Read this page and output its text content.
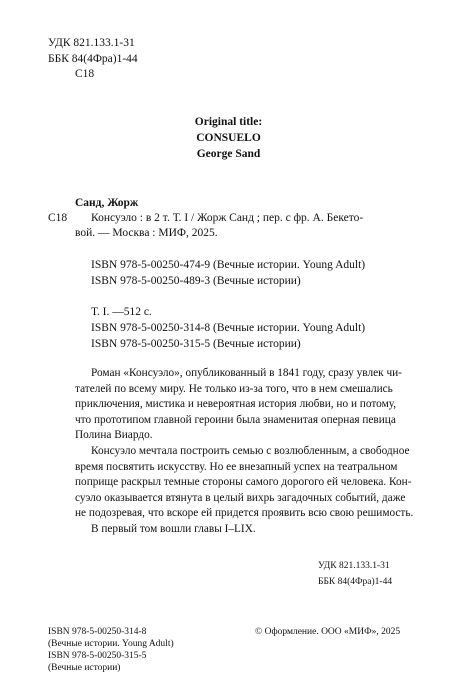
УДК 821.133.1-31
ББК 84(4Фра)1-44
С18
Original title:
CONSUELO
George Sand
Санд, Жорж
С18 Консуэло : в 2 т. Т. I / Жорж Санд ; пер. с фр. А. Бекето-
вой. — Москва : МИФ, 2025.
ISBN 978-5-00250-474-9 (Вечные истории. Young Adult)
ISBN 978-5-00250-489-3 (Вечные истории)
Т. I. —512 с.
ISBN 978-5-00250-314-8 (Вечные истории. Young Adult)
ISBN 978-5-00250-315-5 (Вечные истории)
Роман «Консуэло», опубликованный в 1841 году, сразу увлек чи-
тателей по всему миру. Не только из-за того, что в нем смешались
приключения, мистика и невероятная история любви, но и потому,
что прототипом главной героини была знаменитая оперная певица
Полина Виардо.
Консуэло мечтала построить семью с возлюбленным, а свободное
время посвятить искусству. Но ее внезапный успех на театральном
поприще раскрыл темные стороны самого дорогого ей человека. Кон-
суэло оказывается втянута в целый вихрь загадочных событий, даже
не подозревая, что вскоре ей придется проявить всю свою решимость.
В первый том вошли главы I–LIX.
УДК 821.133.1-31
ББК 84(4Фра)1-44
ISBN 978-5-00250-314-8
(Вечные истории. Young Adult)
ISBN 978-5-00250-315-5
(Вечные истории)
© Оформление. ООО «МИФ», 2025
